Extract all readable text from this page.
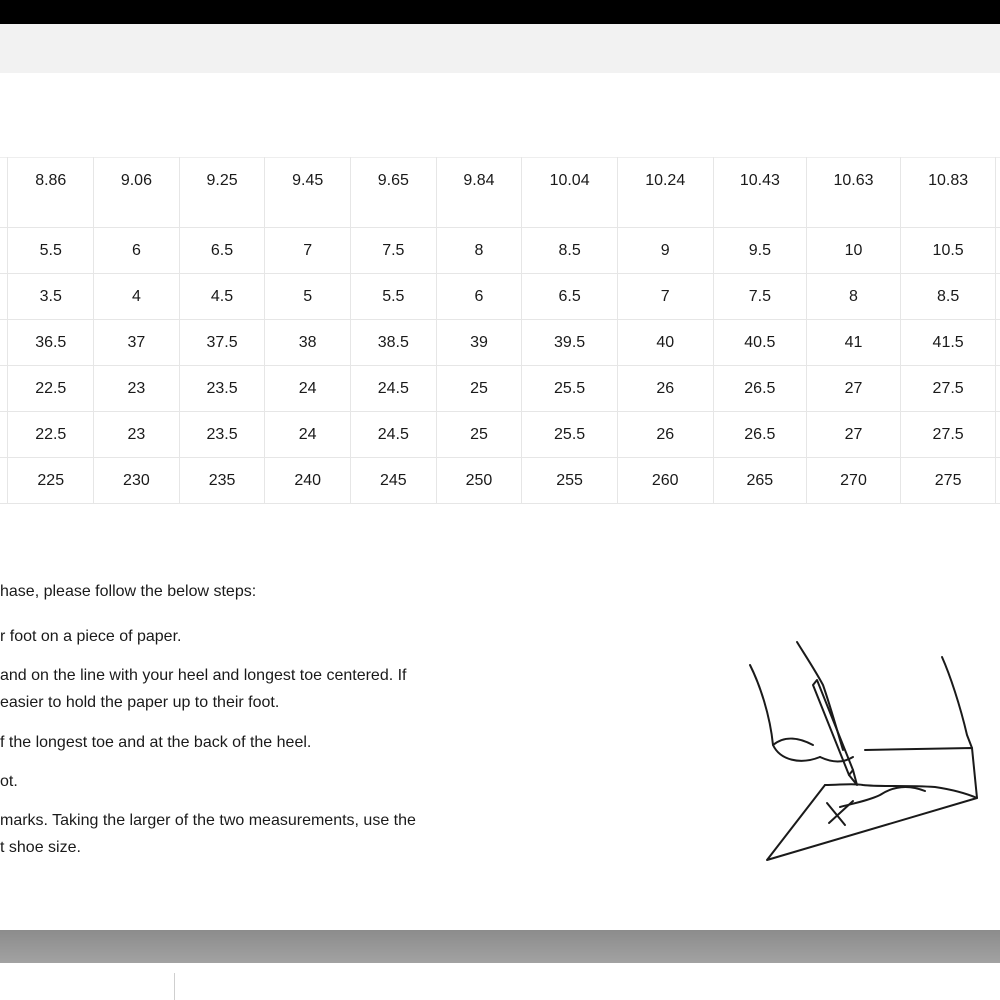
	8.86	9.06	9.25	9.45	9.65	9.84	10.04	10.24	10.43	10.63	10.83	
	5.5	6	6.5	7	7.5	8	8.5	9	9.5	10	10.5	
	3.5	4	4.5	5	5.5	6	6.5	7	7.5	8	8.5	
	36.5	37	37.5	38	38.5	39	39.5	40	40.5	41	41.5	
	22.5	23	23.5	24	24.5	25	25.5	26	26.5	27	27.5	
	22.5	23	23.5	24	24.5	25	25.5	26	26.5	27	27.5	
	225	230	235	240	245	250	255	260	265	270	275	

hase, please follow the below steps:

r foot on a piece of paper.

and on the line with your heel and longest toe centered. If

easier to hold the paper up to their foot.

f the longest toe and at the back of the heel.

ot.

marks. Taking the larger of the two measurements, use the

t shoe size.
